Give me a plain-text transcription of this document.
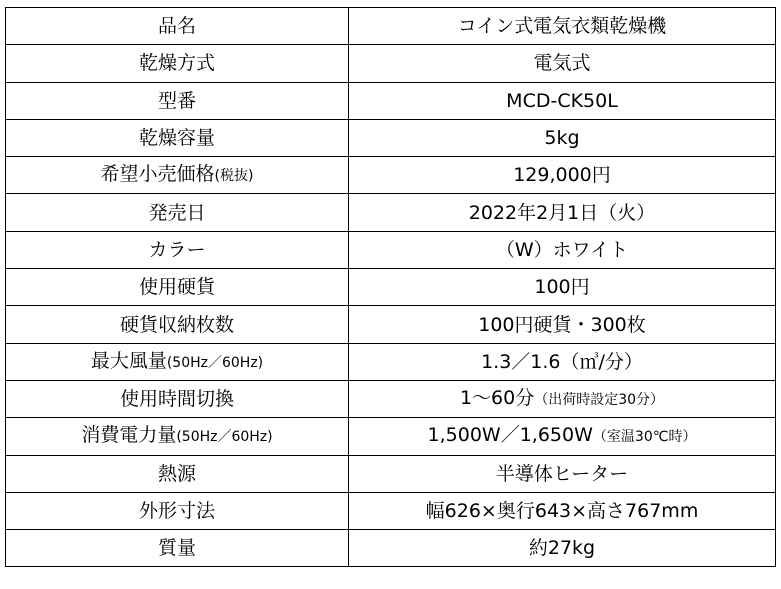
品名	コイン式電気衣類乾燥機
乾燥方式	電気式
型番	MCD-CK50L
乾燥容量	5kg
希望小売価格(税抜)	129,000円
発売日	2022年2月1日（火）
カラー	（W）ホワイト
使用硬貨	100円
硬貨収納枚数	100円硬貨・300枚
最大風量(50Hz／60Hz)	1.3／1.6（㎥/分）
使用時間切換	1〜60分（出荷時設定30分）
消費電力量(50Hz／60Hz)	1,500W／1,650W（室温30℃時）
熱源	半導体ヒーター
外形寸法	幅626×奥行643×高さ767mm
質量	約27kg
